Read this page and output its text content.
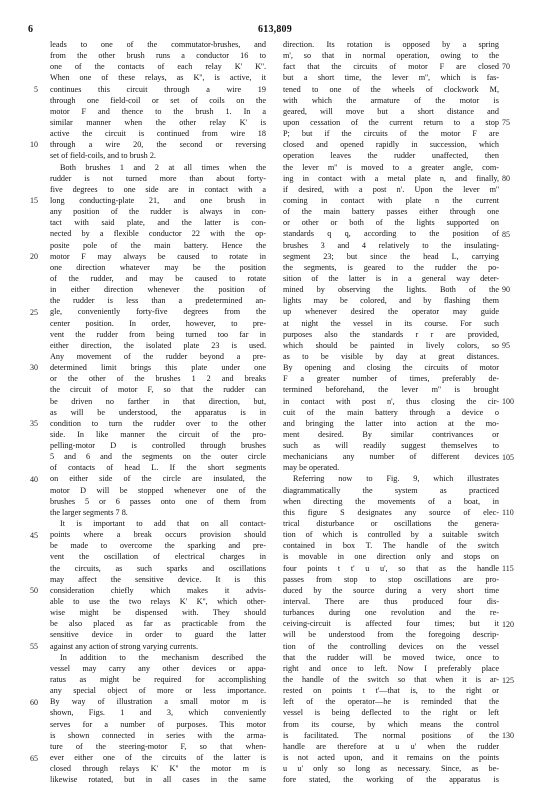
6	613,809
leads to one of the commutator-brushes, and
from the other brush runs a conductor 16 to
one of the contacts of each relay K' K''.
When one of these relays, as K'', is active, it
continues this circuit through a wire 19
through one field-coil or set of coils on the
motor F and thence to the brush 1. In a
similar manner when the other relay K' is
active the circuit is continued from wire 18
through a wire 20, the second or reversing
set of field-coils, and to brush 2.
Both brushes 1 and 2 at all times when the
rudder is not turned more than about forty-
five degrees to one side are in contact with a
long conducting-plate 21, and one brush in
any position of the rudder is always in con-
tact with said plate, and the latter is con-
nected by a flexible conductor 22 with the op-
posite pole of the main battery. Hence the
motor F may always be caused to rotate in
one direction whatever may be the position
of the rudder, and may be caused to rotate
in either direction whenever the position of
the rudder is less than a predetermined an-
gle, conveniently forty-five degrees from the
center position. In order, however, to pre-
vent the rudder from being turned too far in
either direction, the isolated plate 23 is used.
Any movement of the rudder beyond a pre-
determined limit brings this plate under one
or the other of the brushes 1 2 and breaks
the circuit of motor F, so that the rudder can
be driven no farther in that direction, but,
as will be understood, the apparatus is in
condition to turn the rudder over to the other
side. In like manner the circuit of the pro-
pelling-motor D is controlled through brushes
5 and 6 and the segments on the outer circle
of contacts of head L. If the short segments
on either side of the circle are insulated, the
motor D will be stopped whenever one of the
brushes 5 or 6 passes onto one of them from
the larger segments 7 8.
It is important to add that on all contact-
points where a break occurs provision should
be made to overcome the sparking and pre-
vent the oscillation of electrical charges in
the circuits, as such sparks and oscillations
may affect the sensitive device. It is this
consideration chiefly which makes it advis-
able to use the two relays K' K'', which other-
wise might be dispensed with. They should
be also placed as far as practicable from the
sensitive device in order to guard the latter
against any action of strong varying currents.
In addition to the mechanism described the
vessel may carry any other devices or appa-
ratus as might be required for accomplishing
any special object of more or less importance.
By way of illustration a small motor m is
shown, Figs. 1 and 3, which conveniently
serves for a number of purposes. This motor
is shown connected in series with the arma-
ture of the steering-motor F, so that when-
ever either one of the circuits of the latter is
closed through relays K' K'' the motor m is
likewise rotated, but in all cases in the same
direction. Its rotation is opposed by a spring
m', so that in normal operation, owing to the
fact that the circuits of motor F are closed
but a short time, the lever m'', which is fas-
tened to one of the wheels of clockwork M,
with which the armature of the motor is
geared, will move but a short distance and
upon cessation of the current return to a stop
P; but if the circuits of the motor F are
closed and opened rapidly in succession, which
operation leaves the rudder unaffected, then
the lever m'' is moved to a greater angle, com-
ing in contact with a metal plate n, and finally,
if desired, with a post n'. Upon the lever m''
coming in contact with plate n the current
of the main battery passes either through one
or other or both of the lights supported on
standards q q, according to the position of
brushes 3 and 4 relatively to the insulating-
segment 23; but since the head L, carrying
the segments, is geared to the rudder the po-
sition of the latter is in a general way deter-
mined by observing the lights. Both of the
lights may be colored, and by flashing them
up whenever desired the operator may guide
at night the vessel in its course. For such
purposes also the standards r r are provided,
which should be painted in lively colors, so
as to be visible by day at great distances.
By opening and closing the circuits of motor
F a greater number of times, preferably de-
termined beforehand, the lever m'' is brought
in contact with post n', thus closing the cir-
cuit of the main battery through a device o
and bringing the latter into action at the mo-
ment desired. By similar contrivances or
such as will readily suggest themselves to
mechanicians any number of different devices
may be operated.
Referring now to Fig. 9, which illustrates
diagrammatically the system as practiced
when directing the movements of a boat, in
this figure S designates any source of elec-
trical disturbance or oscillations the genera-
tion of which is controlled by a suitable switch
contained in box T. The handle of the switch
is movable in one direction only and stops on
four points t t' u u', so that as the handle
passes from stop to stop oscillations are pro-
duced by the source during a very short time
interval. There are thus produced four dis-
turbances during one revolution and the re-
ceiving-circuit is affected four times; but it
will be understood from the foregoing descrip-
tion of the controlling devices on the vessel
that the rudder will be moved twice, once to
right and once to left. Now I preferably place
the handle of the switch so that when it is ar-
rested on points t t'—that is, to the right or
left of the operator—he is reminded that the
vessel is being deflected to the right or left
from its course, by which means the control
is facilitated. The normal positions of the
handle are therefore at u u' when the rudder
is not acted upon, and it remains on the points
u u' only so long as necessary. Since, as be-
fore stated, the working of the apparatus is
5
10
15
20
25
30
35
40
45
50
55
60
65
70
75
80
85
90
95
100
105
110
115
120
125
130
